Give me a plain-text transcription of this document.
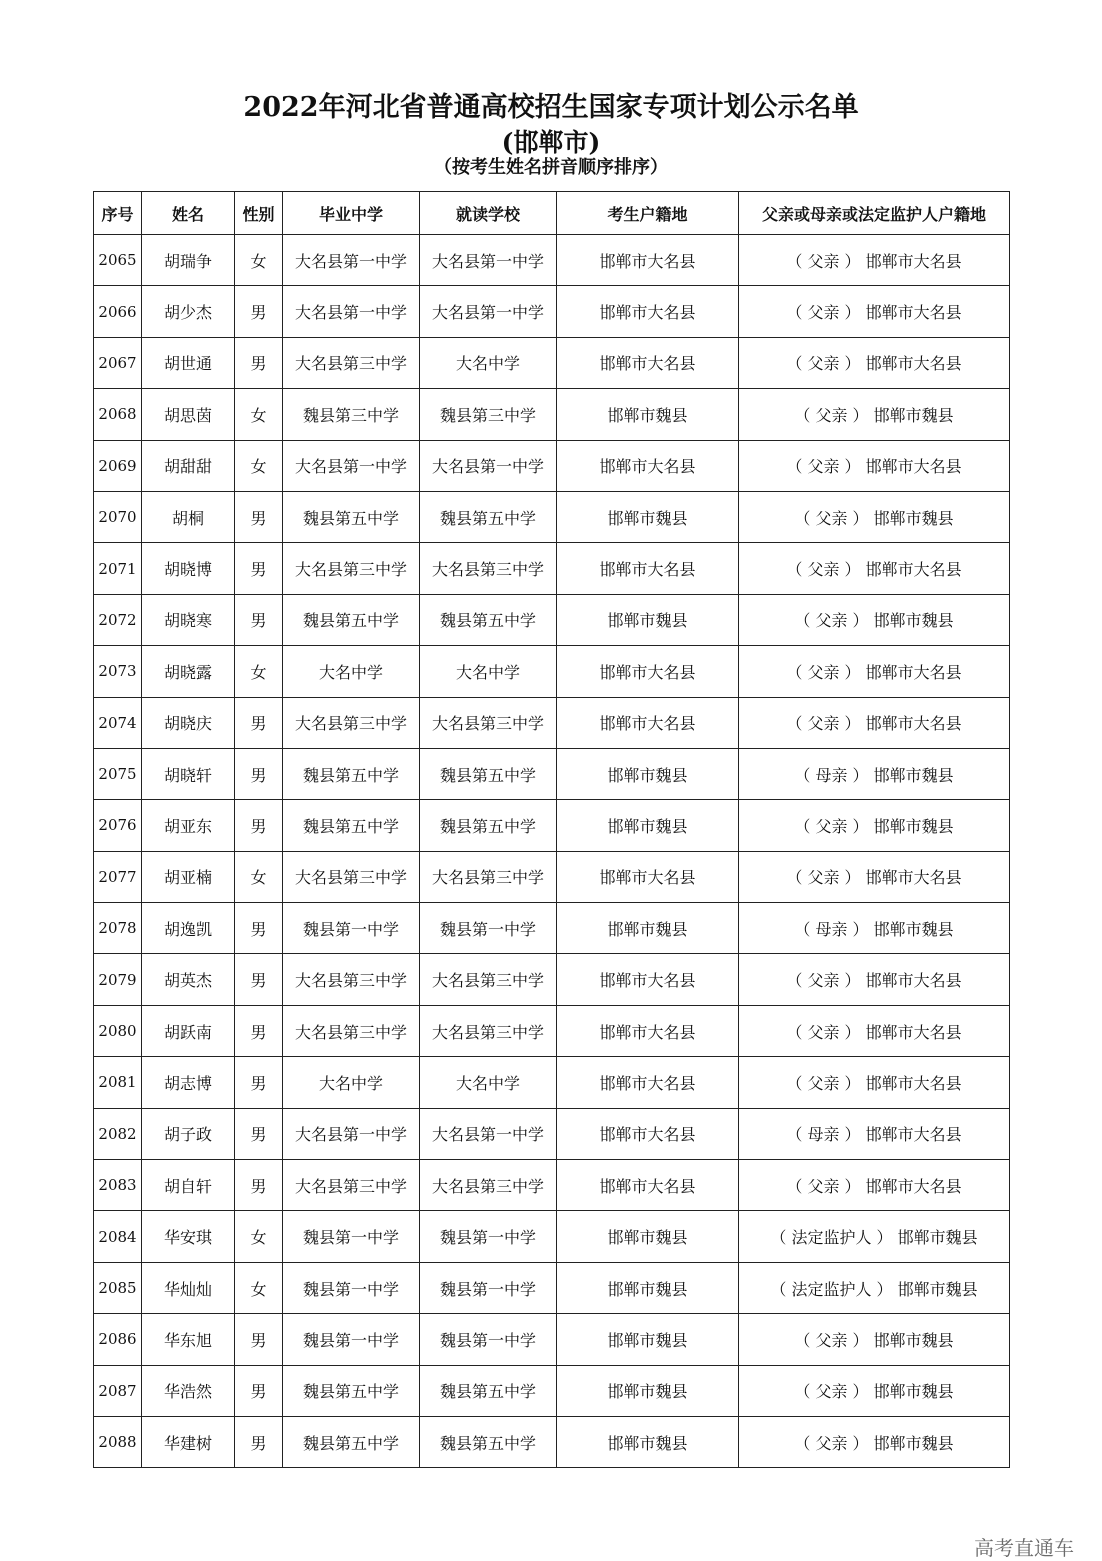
2022年河北省普通高校招生国家专项计划公示名单
(邯郸市)
（按考生姓名拼音顺序排序）
序号	姓名	性别	毕业中学	就读学校	考生户籍地	父亲或母亲或法定监护人户籍地
2065	胡瑞争	女	大名县第一中学	大名县第一中学	邯郸市大名县	（ 父亲 ） 邯郸市大名县
2066	胡少杰	男	大名县第一中学	大名县第一中学	邯郸市大名县	（ 父亲 ） 邯郸市大名县
2067	胡世通	男	大名县第三中学	大名中学	邯郸市大名县	（ 父亲 ） 邯郸市大名县
2068	胡思茵	女	魏县第三中学	魏县第三中学	邯郸市魏县	（ 父亲 ） 邯郸市魏县
2069	胡甜甜	女	大名县第一中学	大名县第一中学	邯郸市大名县	（ 父亲 ） 邯郸市大名县
2070	胡桐	男	魏县第五中学	魏县第五中学	邯郸市魏县	（ 父亲 ） 邯郸市魏县
2071	胡晓博	男	大名县第三中学	大名县第三中学	邯郸市大名县	（ 父亲 ） 邯郸市大名县
2072	胡晓寒	男	魏县第五中学	魏县第五中学	邯郸市魏县	（ 父亲 ） 邯郸市魏县
2073	胡晓露	女	大名中学	大名中学	邯郸市大名县	（ 父亲 ） 邯郸市大名县
2074	胡晓庆	男	大名县第三中学	大名县第三中学	邯郸市大名县	（ 父亲 ） 邯郸市大名县
2075	胡晓轩	男	魏县第五中学	魏县第五中学	邯郸市魏县	（ 母亲 ） 邯郸市魏县
2076	胡亚东	男	魏县第五中学	魏县第五中学	邯郸市魏县	（ 父亲 ） 邯郸市魏县
2077	胡亚楠	女	大名县第三中学	大名县第三中学	邯郸市大名县	（ 父亲 ） 邯郸市大名县
2078	胡逸凯	男	魏县第一中学	魏县第一中学	邯郸市魏县	（ 母亲 ） 邯郸市魏县
2079	胡英杰	男	大名县第三中学	大名县第三中学	邯郸市大名县	（ 父亲 ） 邯郸市大名县
2080	胡跃南	男	大名县第三中学	大名县第三中学	邯郸市大名县	（ 父亲 ） 邯郸市大名县
2081	胡志博	男	大名中学	大名中学	邯郸市大名县	（ 父亲 ） 邯郸市大名县
2082	胡子政	男	大名县第一中学	大名县第一中学	邯郸市大名县	（ 母亲 ） 邯郸市大名县
2083	胡自轩	男	大名县第三中学	大名县第三中学	邯郸市大名县	（ 父亲 ） 邯郸市大名县
2084	华安琪	女	魏县第一中学	魏县第一中学	邯郸市魏县	（ 法定监护人 ） 邯郸市魏县
2085	华灿灿	女	魏县第一中学	魏县第一中学	邯郸市魏县	（ 法定监护人 ） 邯郸市魏县
2086	华东旭	男	魏县第一中学	魏县第一中学	邯郸市魏县	（ 父亲 ） 邯郸市魏县
2087	华浩然	男	魏县第五中学	魏县第五中学	邯郸市魏县	（ 父亲 ） 邯郸市魏县
2088	华建树	男	魏县第五中学	魏县第五中学	邯郸市魏县	（ 父亲 ） 邯郸市魏县
高考直通车
